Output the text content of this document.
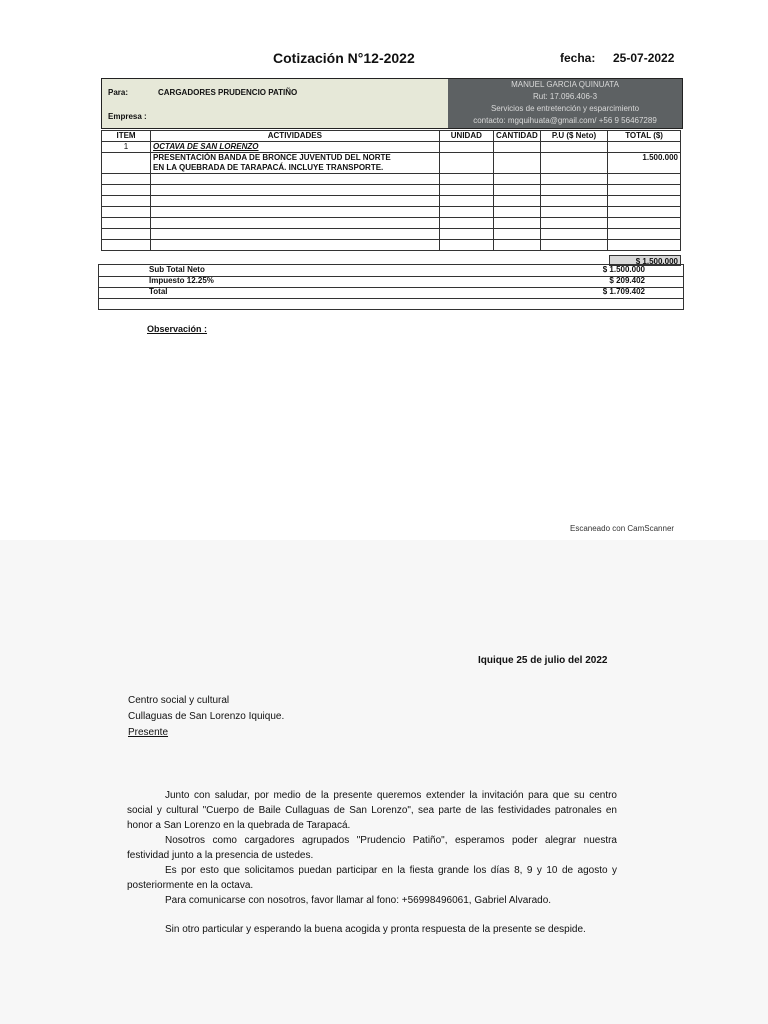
Cotización N°12-2022	fecha: 25-07-2022
Para:	CARGADORES PRUDENCIO PATIÑO
Empresa :
MANUEL GARCIA QUINUATA
Rut: 17.096.406-3
Servicios de entretención y esparcimiento
contacto: mgquihuata@gmail.com/ +56 9 56467289
ITEM	ACTIVIDADES	UNIDAD	CANTIDAD	P.U ($ Neto)	TOTAL ($)
1	OCTAVA DE SAN LORENZO				

	PRESENTACIÓN BANDA DE BRONCE JUVENTUD DEL NORTE
EN LA QUEBRADA DE TARAPACÁ. INCLUYE TRANSPORTE.				1.500.000

$ 1.500.000
Sub Total Neto	$ 1.500.000
Impuesto 12.25%	$ 209.402
Total	$ 1.709.402
Observación :
Escaneado con CamScanner
Iquique 25 de julio del 2022
Centro social y cultural
Cullaguas de San Lorenzo Iquique.
Presente

Junto con saludar, por medio de la presente queremos extender la invitación para que su centro social y cultural "Cuerpo de Baile Cullaguas de San Lorenzo", sea parte de las festividades patronales en honor a San Lorenzo en la quebrada de Tarapacá.

Nosotros como cargadores agrupados "Prudencio Patiño", esperamos poder alegrar nuestra festividad junto a la presencia de ustedes.

Es por esto que solicitamos puedan participar en la fiesta grande los días 8, 9 y 10 de agosto y posteriormente en la octava.

Para comunicarse con nosotros, favor llamar al fono: +56998496061, Gabriel Alvarado.

Sin otro particular y esperando la buena acogida y pronta respuesta de la presente se despide.
